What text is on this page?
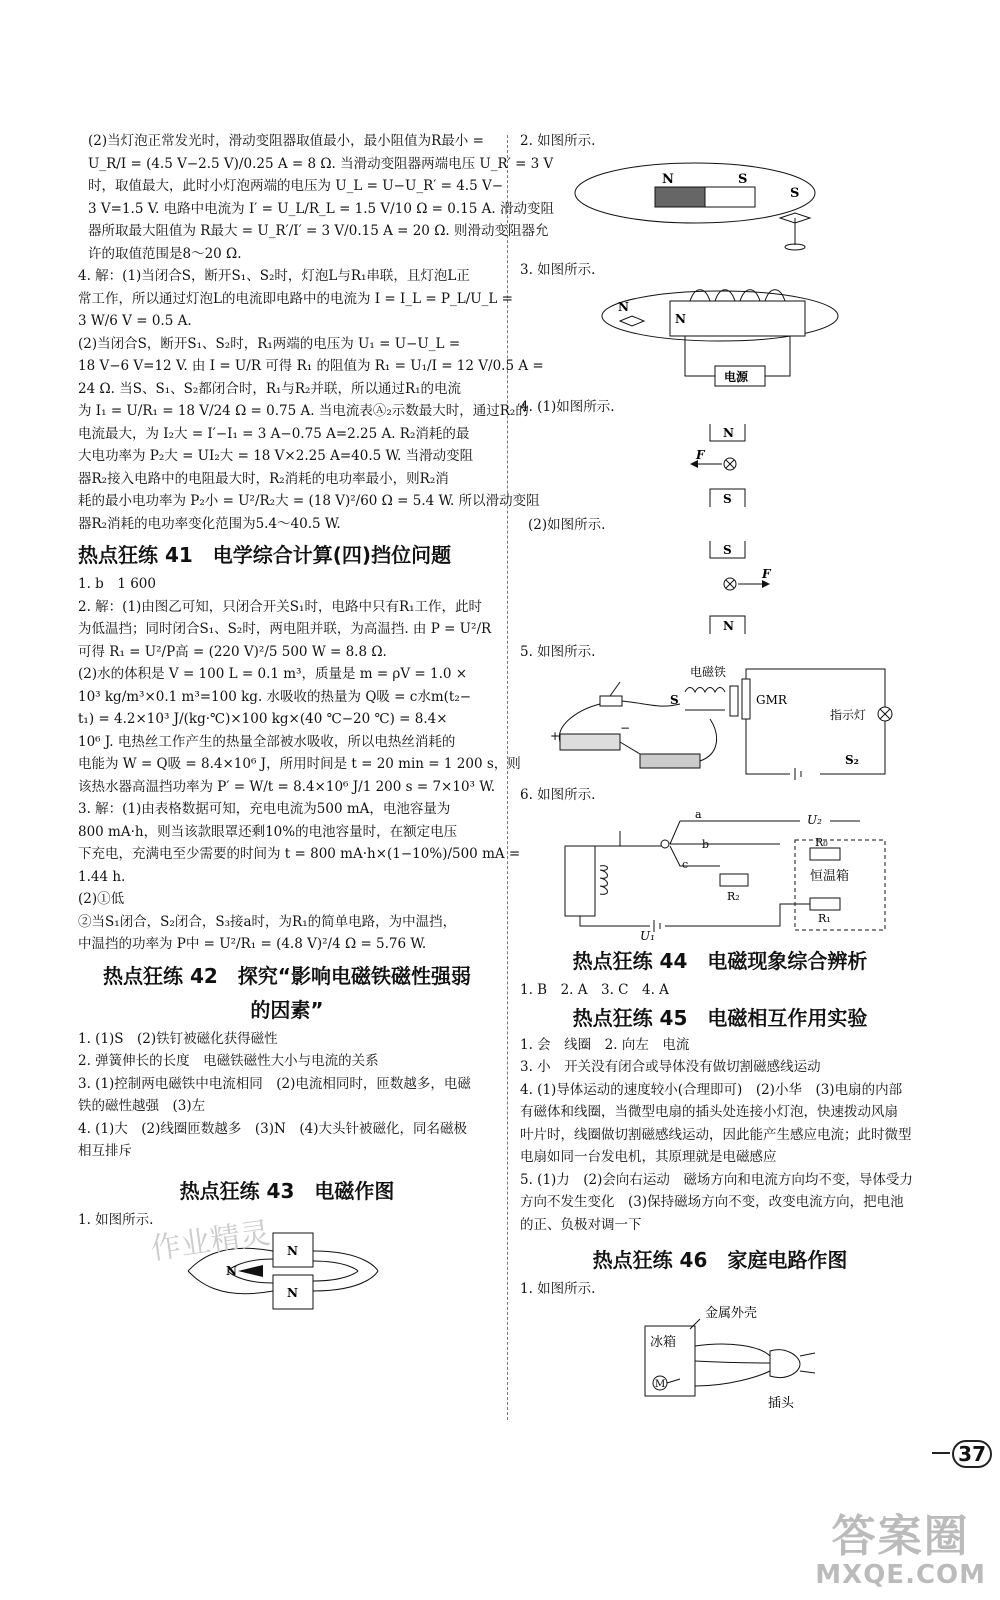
(2)当灯泡正常发光时，滑动变阻器取值最小，最小阻值为R最小 =
U_R/I = (4.5 V−2.5 V)/0.25 A = 8 Ω. 当滑动变阻器两端电压 U_R′ = 3 V
时，取值最大，此时小灯泡两端的电压为 U_L = U−U_R′ = 4.5 V−
3 V=1.5 V. 电路中电流为 I′ = U_L/R_L = 1.5 V/10 Ω = 0.15 A. 滑动变阻
器所取最大阻值为 R最大 = U_R′/I′ = 3 V/0.15 A = 20 Ω. 则滑动变阻器允
许的取值范围是8～20 Ω.
4. 解：(1)当闭合S，断开S₁、S₂时，灯泡L与R₁串联，且灯泡L正
常工作，所以通过灯泡L的电流即电路中的电流为 I = I_L = P_L/U_L =
3 W/6 V = 0.5 A.
(2)当闭合S，断开S₁、S₂时，R₁两端的电压为 U₁ = U−U_L =
18 V−6 V=12 V. 由 I = U/R 可得 R₁ 的阻值为 R₁ = U₁/I = 12 V/0.5 A =
24 Ω. 当S、S₁、S₂都闭合时，R₁与R₂并联，所以通过R₁的电流
为 I₁ = U/R₁ = 18 V/24 Ω = 0.75 A. 当电流表Ⓐ₂示数最大时，通过R₂的
电流最大，为 I₂大 = I′−I₁ = 3 A−0.75 A=2.25 A. R₂消耗的最
大电功率为 P₂大 = UI₂大 = 18 V×2.25 A=40.5 W. 当滑动变阻
器R₂接入电路中的电阻最大时，R₂消耗的电功率最小，则R₂消
耗的最小电功率为 P₂小 = U²/R₂大 = (18 V)²/60 Ω = 5.4 W. 所以滑动变阻
器R₂消耗的电功率变化范围为5.4～40.5 W.
热点狂练 41　电学综合计算(四)挡位问题
1. b　1 600
2. 解：(1)由图乙可知，只闭合开关S₁时，电路中只有R₁工作，此时
为低温挡；同时闭合S₁、S₂时，两电阻并联，为高温挡. 由 P = U²/R
可得 R₁ = U²/P高 = (220 V)²/5 500 W = 8.8 Ω.
(2)水的体积是 V = 100 L = 0.1 m³，质量是 m = ρV = 1.0 ×
10³ kg/m³×0.1 m³=100 kg. 水吸收的热量为 Q吸 = c水m(t₂−
t₁) = 4.2×10³ J/(kg·℃)×100 kg×(40 ℃−20 ℃) = 8.4×
10⁶ J. 电热丝工作产生的热量全部被水吸收，所以电热丝消耗的
电能为 W = Q吸 = 8.4×10⁶ J，所用时间是 t = 20 min = 1 200 s，则
该热水器高温挡功率为 P′ = W/t = 8.4×10⁶ J/1 200 s = 7×10³ W.
3. 解：(1)由表格数据可知，充电电流为500 mA，电池容量为
800 mA·h，则当该款眼罩还剩10%的电池容量时，在额定电压
下充电，充满电至少需要的时间为 t = 800 mA·h×(1−10%)/500 mA =
1.44 h.
(2)①低
②当S₁闭合，S₂闭合，S₃接a时，为R₁的简单电路，为中温挡，
中温挡的功率为 P中 = U²/R₁ = (4.8 V)²/4 Ω = 5.76 W.
热点狂练 42　探究“影响电磁铁磁性强弱
的因素”
1. (1)S　(2)铁钉被磁化获得磁性
2. 弹簧伸长的长度　电磁铁磁性大小与电流的关系
3. (1)控制两电磁铁中电流相同　(2)电流相同时，匝数越多，电磁
铁的磁性越强　(3)左
4. (1)大　(2)线圈匝数越多　(3)N　(4)大头针被磁化，同名磁极
相互排斥
热点狂练 43　电磁作图
1. 如图所示.
N
N
N
2. 如图所示.
N	S
S
3. 如图所示.
N
N
电源
4. (1)如图所示.
N
F
S
(2)如图所示.
S
F
N
5. 如图所示.
+
−
电磁铁
S	GMR
指示灯
S₂
6. 如图所示.
a
b
c
U₂
R₀
恒温箱
R₁
R₂
U₁
热点狂练 44　电磁现象综合辨析
1. B　2. A　3. C　4. A
热点狂练 45　电磁相互作用实验
1. 会　线圈　2. 向左　电流
3. 小　开关没有闭合或导体没有做切割磁感线运动
4. (1)导体运动的速度较小(合理即可)　(2)小华　(3)电扇的内部
有磁体和线圈，当微型电扇的插头处连接小灯泡，快速拨动风扇
叶片时，线圈做切割磁感线运动，因此能产生感应电流；此时微型
电扇如同一台发电机，其原理就是电磁感应
5. (1)力　(2)会向右运动　磁场方向和电流方向均不变，导体受力
方向不发生变化　(3)保持磁场方向不变，改变电流方向，把电池
的正、负极对调一下
热点狂练 46　家庭电路作图
1. 如图所示.
冰箱
金属外壳
M
插头
作业精灵
37
答案圈
MXQE.COM
